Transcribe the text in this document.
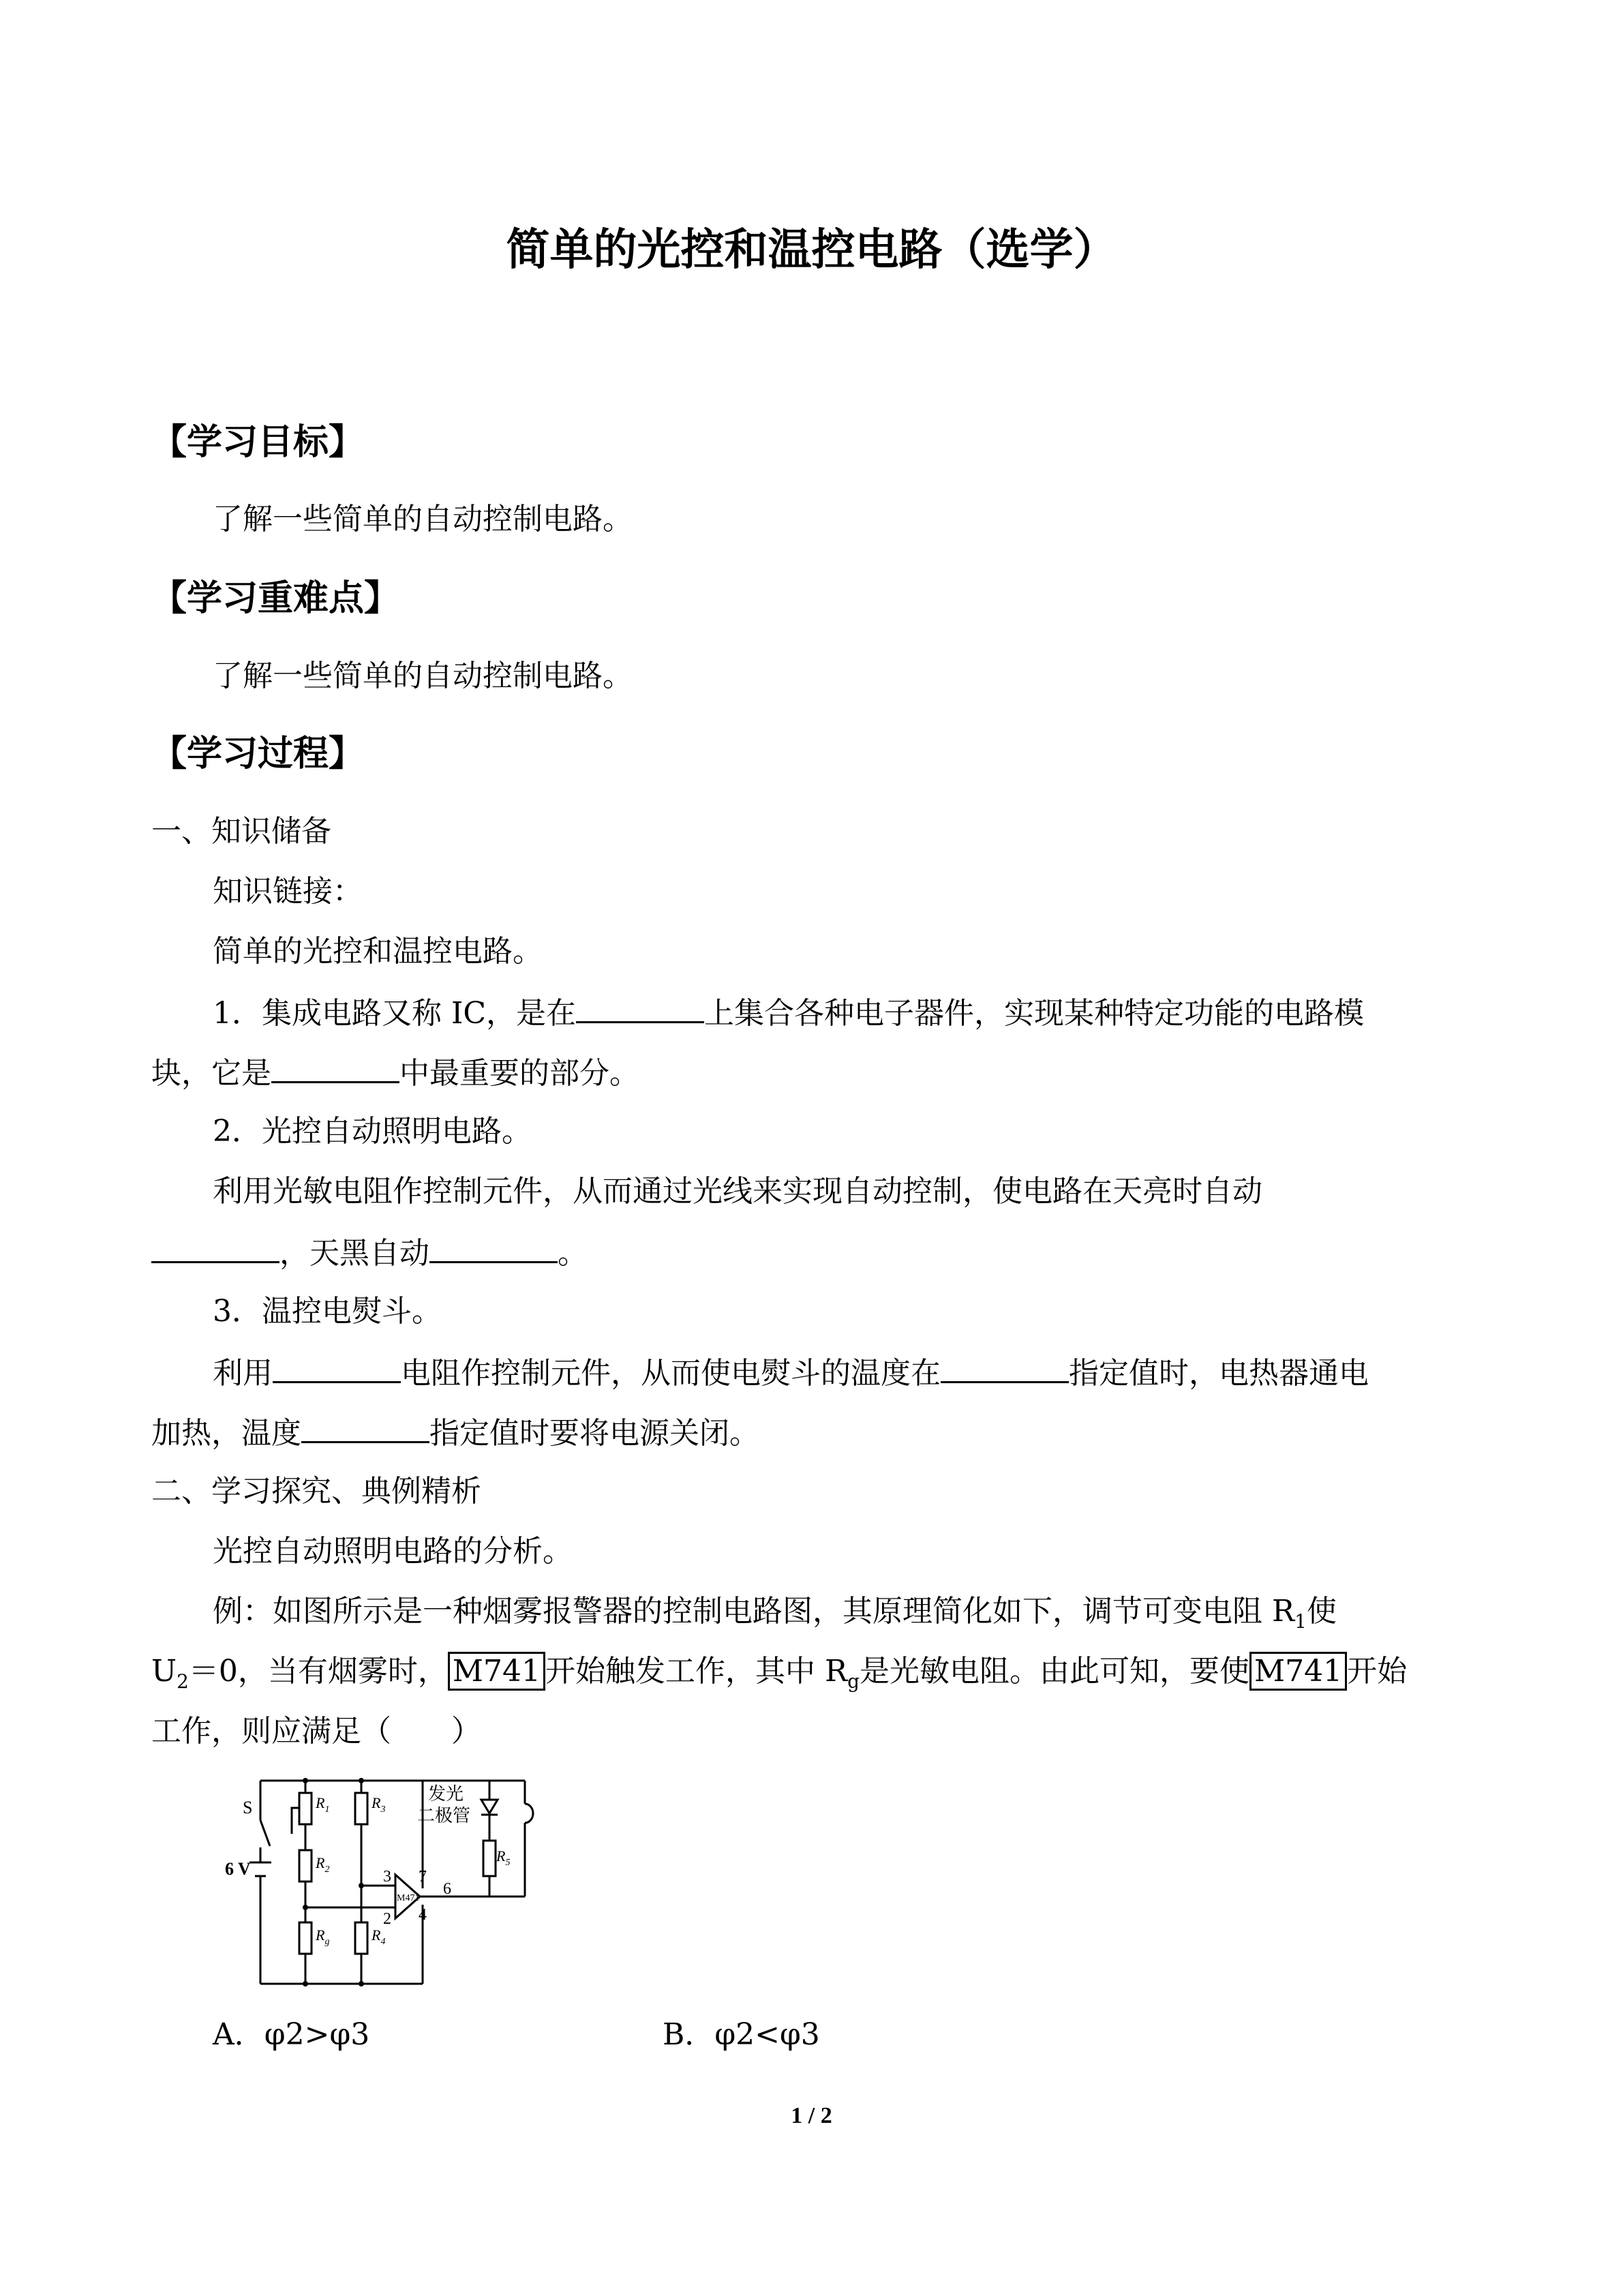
简单的光控和温控电路（选学）
【学习目标】
了解一些简单的自动控制电路。
【学习重难点】
了解一些简单的自动控制电路。
【学习过程】
一、知识储备
知识链接：
简单的光控和温控电路。
1．集成电路又称 IC，是在	上集合各种电子器件，实现某种特定功能的电路模
块，它是	中最重要的部分。
2．光控自动照明电路。
利用光敏电阻作控制元件，从而通过光线来实现自动控制，使电路在天亮时自动
，天黑自动	。
3．温控电熨斗。
利用	电阻作控制元件，从而使电熨斗的温度在	指定值时，电热器通电
加热，温度	指定值时要将电源关闭。
二、学习探究、典例精析
光控自动照明电路的分析。
例：如图所示是一种烟雾报警器的控制电路图，其原理简化如下，调节可变电阻 $R_1$使
$U_2=0$，当有烟雾时， M741 开始触发工作，其中 $R_g$是光敏电阻。由此可知，要使 M741 开始
工作，则应满足（　　）
S
6 V
$R_1$
$R_2$
$R_g$
$R_3$
$R_4$
$R_5$
发光
二极管
M471
3
2
7
4
6
A．φ2>φ3	B．φ2<φ3
1 / 2
